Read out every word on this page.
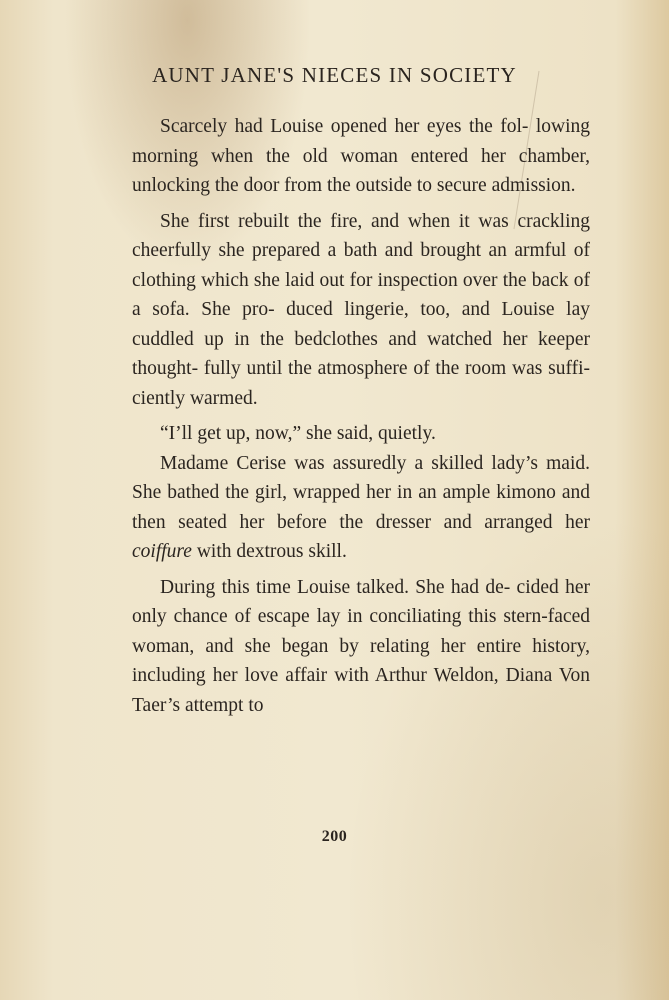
AUNT JANE'S NIECES IN SOCIETY

Scarcely had Louise opened her eyes the fol- lowing morning when the old woman entered her chamber, unlocking the door from the outside to secure admission.

She first rebuilt the fire, and when it was crackling cheerfully she prepared a bath and brought an armful of clothing which she laid out for inspection over the back of a sofa. She pro- duced lingerie, too, and Louise lay cuddled up in the bedclothes and watched her keeper thought- fully until the atmosphere of the room was suffi- ciently warmed.

“I’ll get up, now,” she said, quietly.

Madame Cerise was assuredly a skilled lady’s maid. She bathed the girl, wrapped her in an ample kimono and then seated her before the dresser and arranged her coiffure with dextrous skill.

During this time Louise talked. She had de- cided her only chance of escape lay in conciliating this stern-faced woman, and she began by relating her entire history, including her love affair with Arthur Weldon, Diana Von Taer’s attempt to

200
